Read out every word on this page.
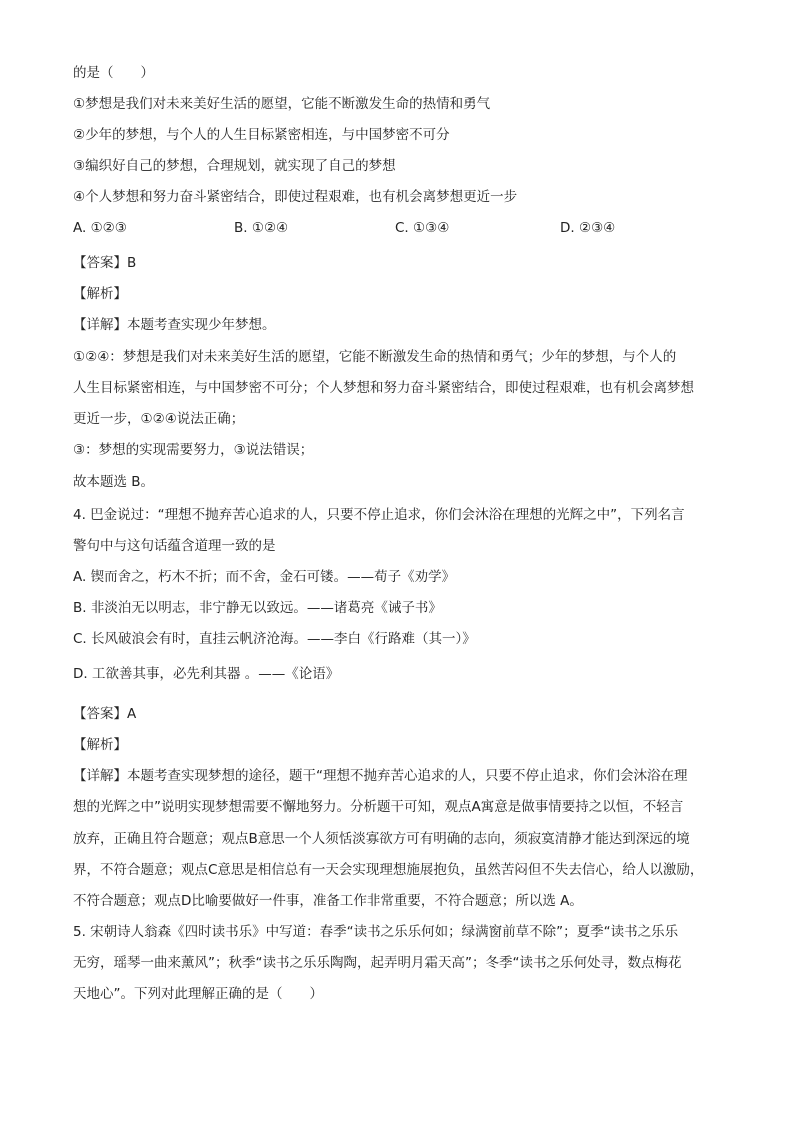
的是（　　）
①梦想是我们对未来美好生活的愿望，它能不断激发生命的热情和勇气
②少年的梦想，与个人的人生目标紧密相连，与中国梦密不可分
③编织好自己的梦想，合理规划，就实现了自己的梦想
④个人梦想和努力奋斗紧密结合，即使过程艰难，也有机会离梦想更近一步
A. ①②③	B. ①②④	C. ①③④	D. ②③④
【答案】B
【解析】
【详解】本题考查实现少年梦想。
①②④：梦想是我们对未来美好生活的愿望，它能不断激发生命的热情和勇气；少年的梦想，与个人的
人生目标紧密相连，与中国梦密不可分；个人梦想和努力奋斗紧密结合，即使过程艰难，也有机会离梦想
更近一步，①②④说法正确；
③：梦想的实现需要努力，③说法错误；
故本题选 B。
4. 巴金说过：“理想不抛弃苦心追求的人，只要不停止追求，你们会沐浴在理想的光辉之中”，下列名言
警句中与这句话蕴含道理一致的是
A. 锲而舍之，朽木不折；而不舍，金石可镂。——荀子《劝学》
B. 非淡泊无以明志，非宁静无以致远。——诸葛亮《诫子书》
C. 长风破浪会有时，直挂云帆济沧海。——李白《行路难（其一）》
D. 工欲善其事，必先利其器 。——《论语》
【答案】A
【解析】
【详解】本题考查实现梦想的途径，题干“理想不抛弃苦心追求的人，只要不停止追求，你们会沐浴在理
想的光辉之中”说明实现梦想需要不懈地努力。分析题干可知，观点A寓意是做事情要持之以恒，不轻言
放弃，正确且符合题意；观点B意思一个人须恬淡寡欲方可有明确的志向，须寂寞清静才能达到深远的境
界，不符合题意；观点C意思是相信总有一天会实现理想施展抱负，虽然苦闷但不失去信心，给人以激励，
不符合题意；观点D比喻要做好一件事，准备工作非常重要，不符合题意；所以选 A。
5. 宋朝诗人翁森《四时读书乐》中写道：春季“读书之乐乐何如；绿满窗前草不除”；夏季“读书之乐乐
无穷，瑶琴一曲来薰风”；秋季“读书之乐乐陶陶，起弄明月霜天高”；冬季“读书之乐何处寻，数点梅花
天地心”。下列对此理解正确的是（　　）
